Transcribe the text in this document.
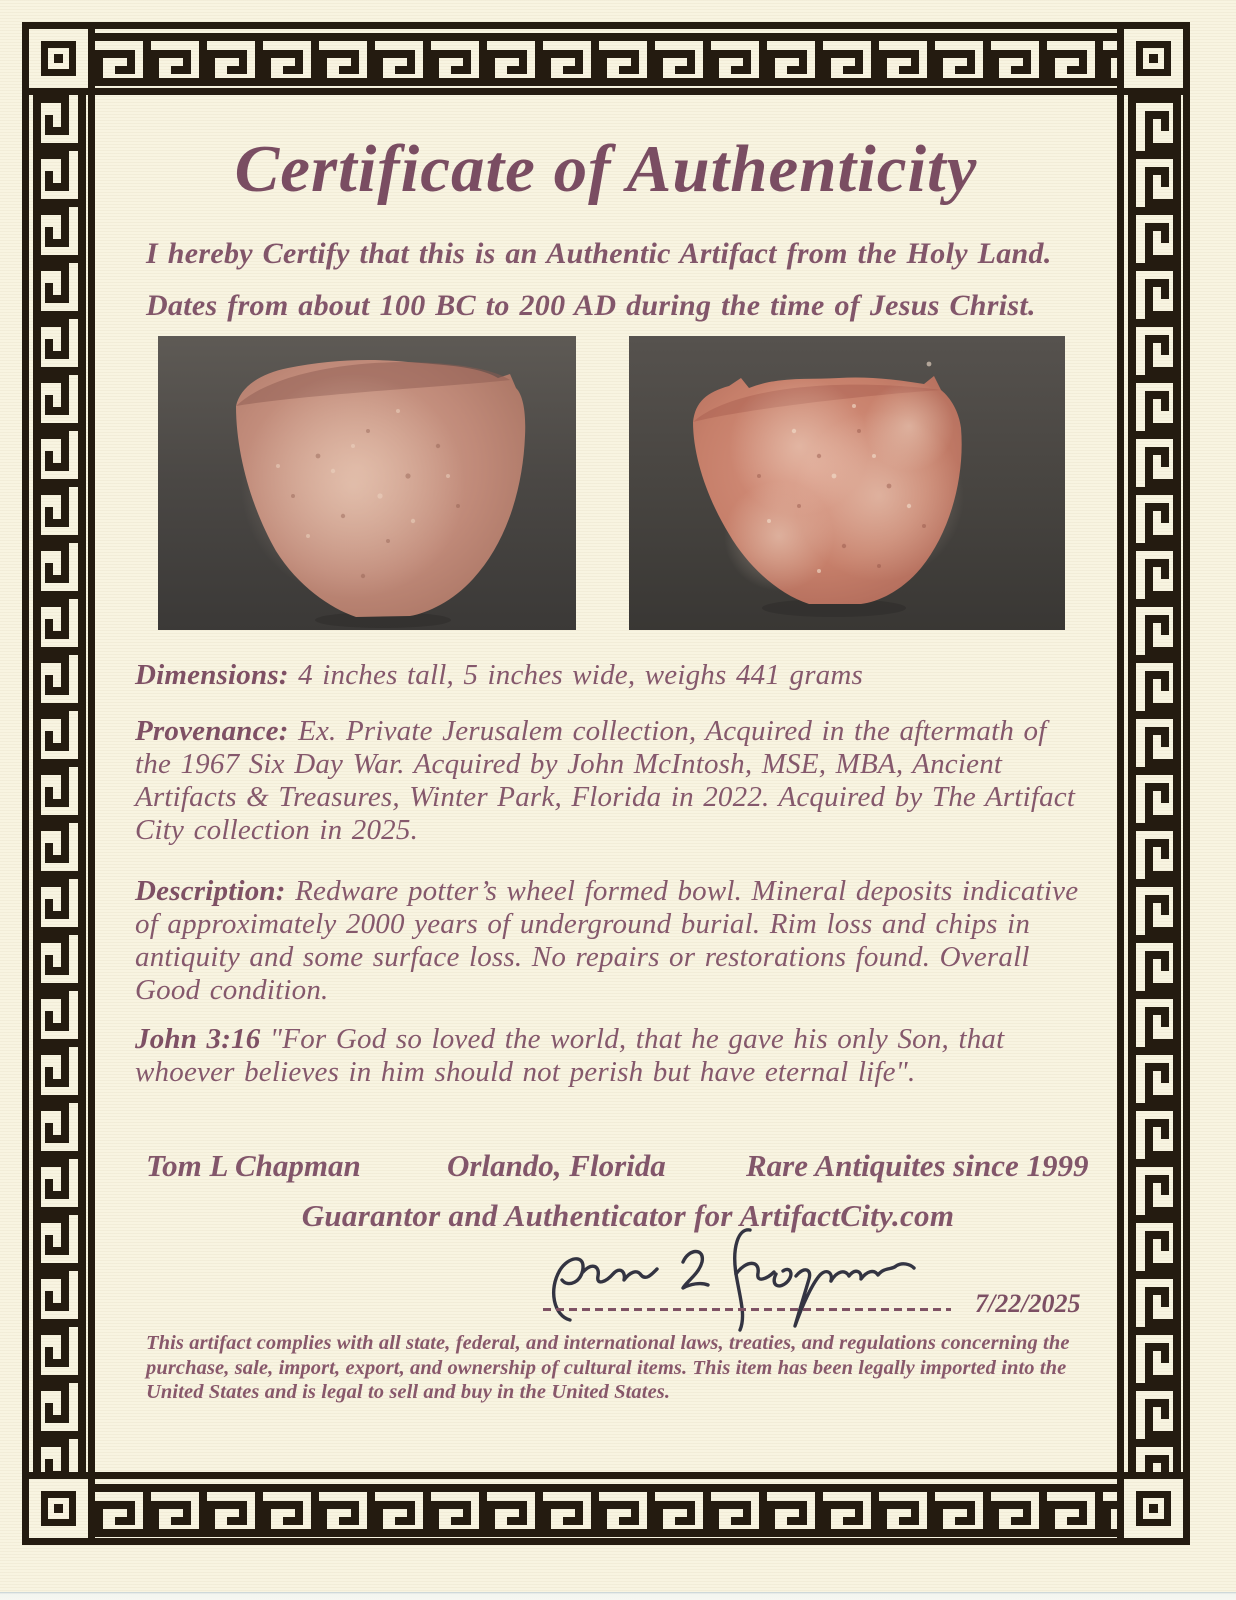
Certificate of Authenticity

I hereby Certify that this is an Authentic Artifact from the Holy Land.

Dates from about 100 BC to 200 AD during the time of Jesus Christ.

Dimensions: 4 inches tall, 5 inches wide, weighs 441 grams

Provenance: Ex. Private Jerusalem collection, Acquired in the aftermath of the 1967 Six Day War. Acquired by John McIntosh, MSE, MBA, Ancient Artifacts & Treasures, Winter Park, Florida in 2022. Acquired by The Artifact City collection in 2025.

Description: Redware potter’s wheel formed bowl. Mineral deposits indicative of approximately 2000 years of underground burial. Rim loss and chips in antiquity and some surface loss. No repairs or restorations found. Overall Good condition.

John 3:16 "For God so loved the world, that he gave his only Son, that whoever believes in him should not perish but have eternal life".

Tom L Chapman	Orlando, Florida	Rare Antiquites since 1999

Guarantor and Authenticator for ArtifactCity.com

7/22/2025

This artifact complies with all state, federal, and international laws, treaties, and regulations concerning the purchase, sale, import, export, and ownership of cultural items. This item has been legally imported into the United States and is legal to sell and buy in the United States.
